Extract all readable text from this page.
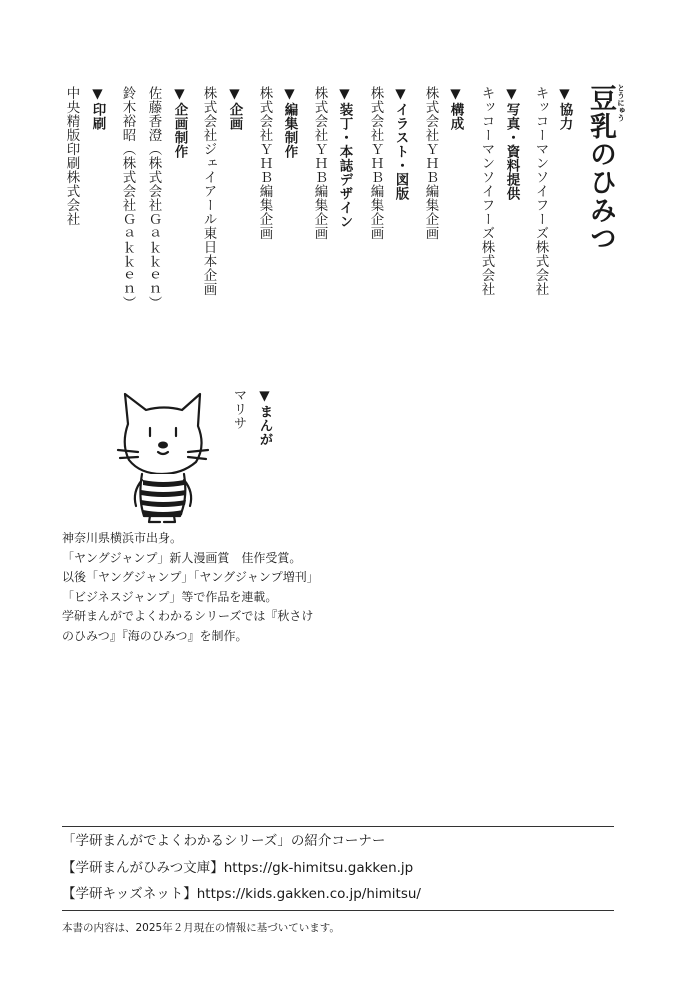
とうにゅう
豆乳のひみつ
▼協力
キッコーマンソイフーズ株式会社
▼写真・資料提供
キッコーマンソイフーズ株式会社
▼構成
株式会社ＹＨＢ編集企画
▼イラスト・図版
株式会社ＹＨＢ編集企画
▼装丁・本誌デザイン
株式会社ＹＨＢ編集企画
▼編集制作
株式会社ＹＨＢ編集企画
▼企画
株式会社ジェイアール東日本企画
▼企画制作
佐藤香澄（株式会社Ｇａｋｋｅｎ）
鈴木裕昭（株式会社Ｇａｋｋｅｎ）
▼印刷
中央精版印刷株式会社
▼まんが
マリサ
神奈川県横浜市出身。
「ヤングジャンプ」新人漫画賞　佳作受賞。
以後「ヤングジャンプ」「ヤングジャンプ増刊」「ビジネスジャンプ」等で作品を連載。
学研まんがでよくわかるシリーズでは『秋さけのひみつ』『海のひみつ』を制作。
「学研まんがでよくわかるシリーズ」の紹介コーナー
【学研まんがひみつ文庫】https://gk-himitsu.gakken.jp
【学研キッズネット】https://kids.gakken.co.jp/himitsu/
本書の内容は、2025年２月現在の情報に基づいています。
